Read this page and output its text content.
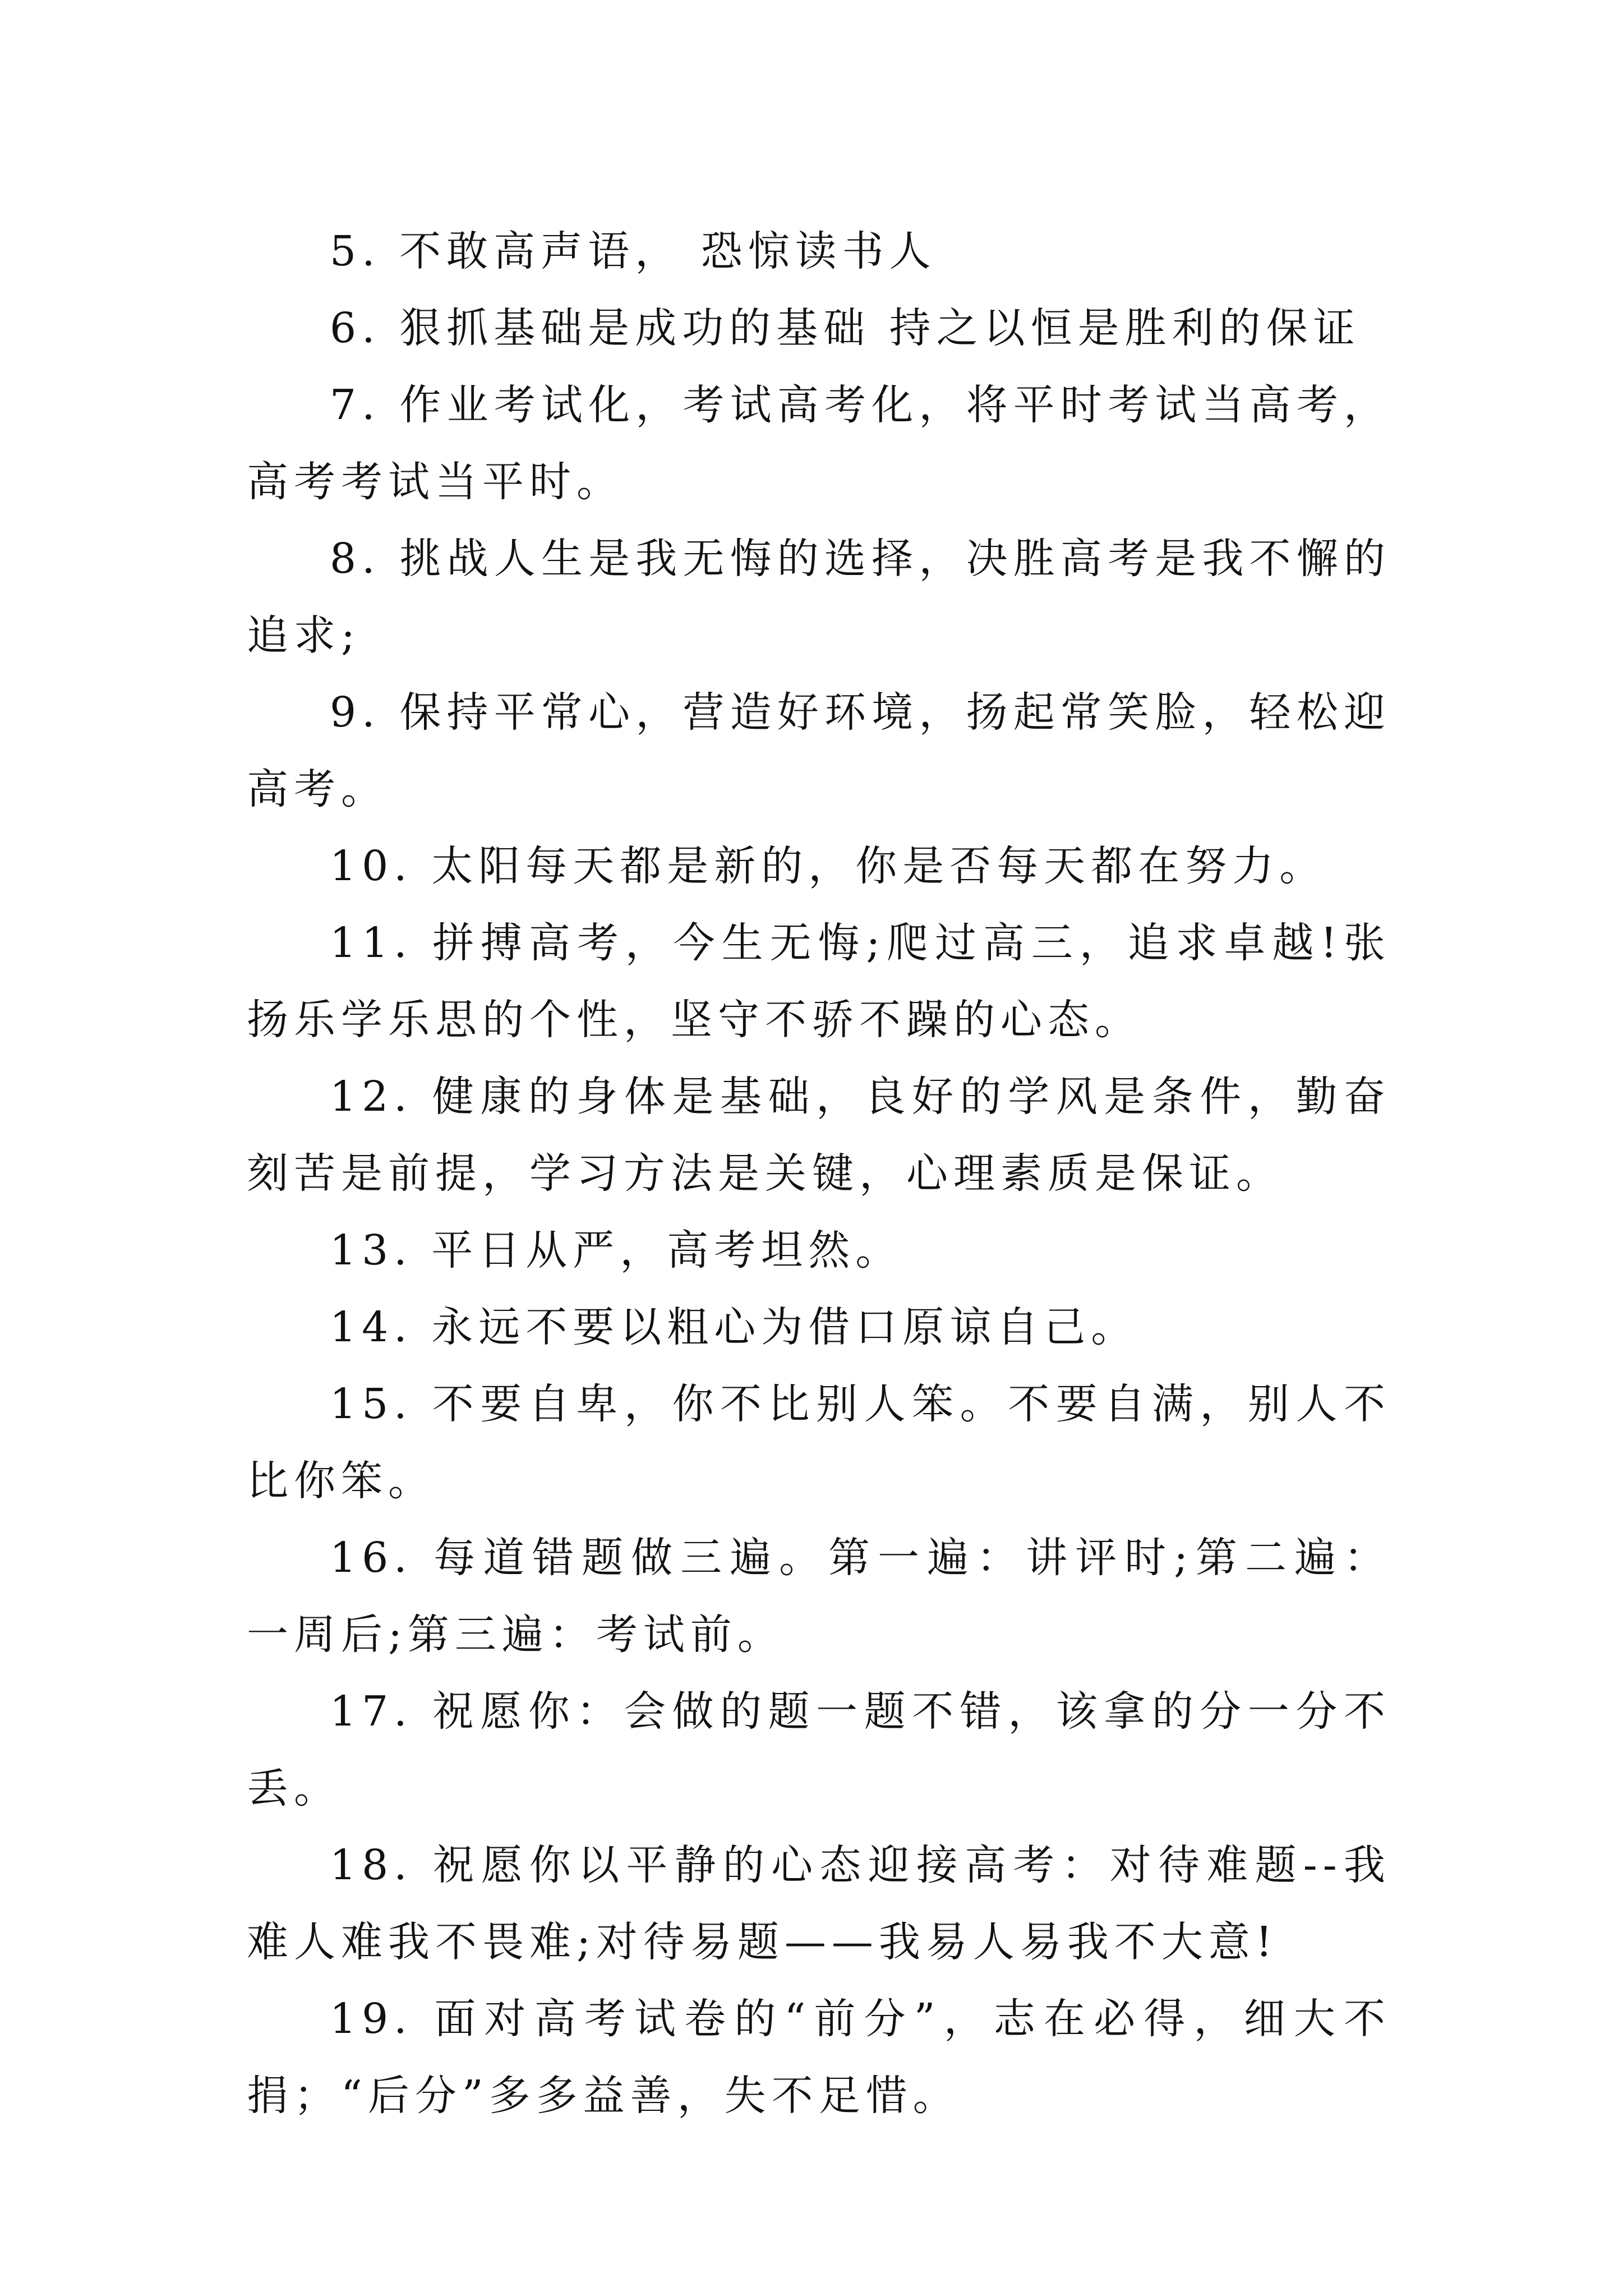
5. 不敢高声语， 恐惊读书人

6. 狠抓基础是成功的基础 持之以恒是胜利的保证

7. 作业考试化，考试高考化，将平时考试当高考，高考考试当平时。

8. 挑战人生是我无悔的选择，决胜高考是我不懈的追求;

9. 保持平常心，营造好环境，扬起常笑脸，轻松迎高考。

10. 太阳每天都是新的，你是否每天都在努力。

11. 拼搏高考，今生无悔;爬过高三，追求卓越!张扬乐学乐思的个性，坚守不骄不躁的心态。

12. 健康的身体是基础，良好的学风是条件，勤奋刻苦是前提，学习方法是关键，心理素质是保证。

13. 平日从严，高考坦然。

14. 永远不要以粗心为借口原谅自己。

15. 不要自卑，你不比别人笨。不要自满，别人不比你笨。

16. 每道错题做三遍。第一遍：讲评时;第二遍：一周后;第三遍：考试前。

17. 祝愿你：会做的题一题不错，该拿的分一分不丢。

18. 祝愿你以平静的心态迎接高考：对待难题--我难人难我不畏难;对待易题——我易人易我不大意!

19. 面对高考试卷的“前分”，志在必得，细大不捐；“后分”多多益善，失不足惜。
